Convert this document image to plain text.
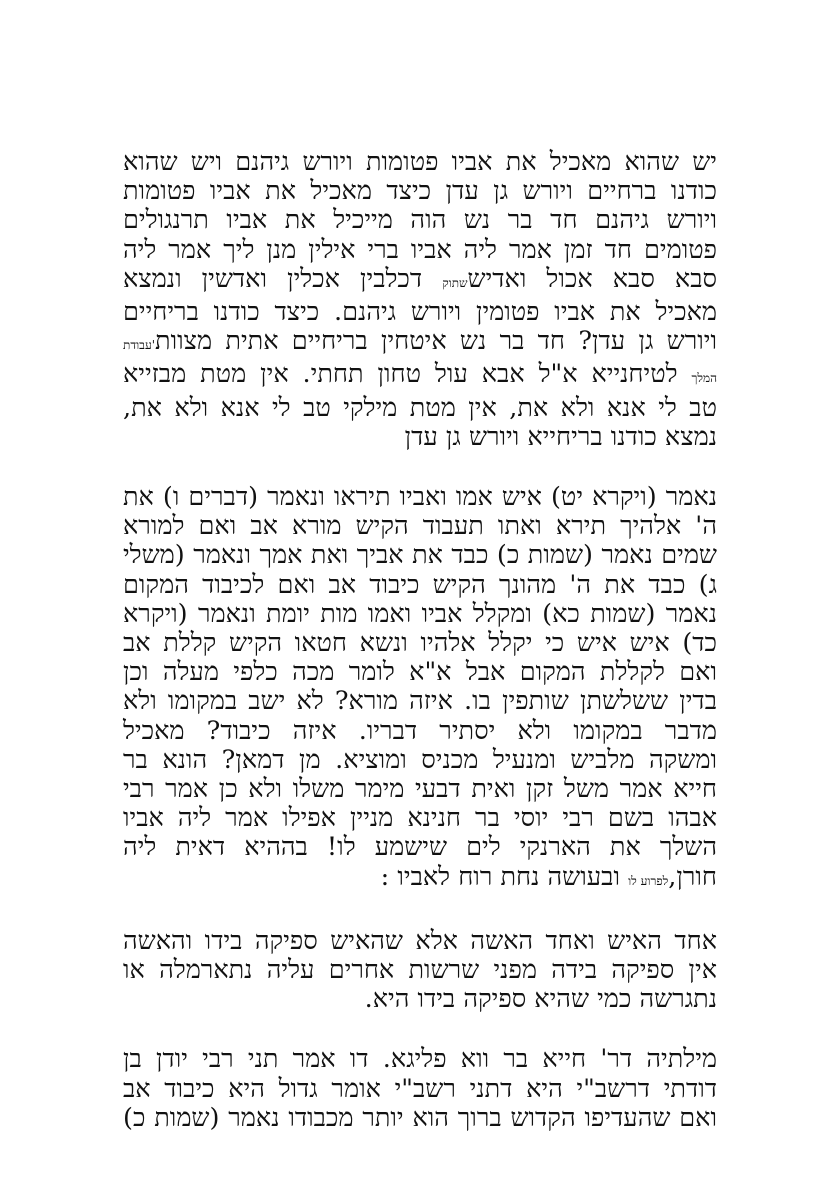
יש שהוא מאכיל את אביו פטומות ויורש גיהנם ויש שהוא
כודנו ברחיים ויורש גן עדן כיצד מאכיל את אביו פטומות
ויורש גיהנם חד בר נש הוה מייכיל את אביו תרנגולים
פטומים חד זמן אמר ליה אביו ברי אילין מנן ליך אמר ליה
סבא סבא אכול ואדיששתוק דכלבין אכלין ואדשין ונמצא
מאכיל את אביו פטומין ויורש גיהנם. כיצד כודנו בריחיים
ויורש גן עדן? חד בר נש איטחין בריחיים אתית מצוות'עבודת
המלך לטיחנייא א"ל אבא עול טחון תחתי. אין מטת מבזייא
טב לי אנא ולא את, אין מטת מילקי טב לי אנא ולא את,
נמצא כודנו בריחייא ויורש גן עדן
נאמר (ויקרא יט) איש אמו ואביו תיראו ונאמר (דברים ו) את
ה' אלהיך תירא ואתו תעבוד הקיש מורא אב ואם למורא
שמים נאמר (שמות כ) כבד את אביך ואת אמך ונאמר (משלי
ג) כבד את ה' מהונך הקיש כיבוד אב ואם לכיבוד המקום
נאמר (שמות כא) ומקלל אביו ואמו מות יומת ונאמר (ויקרא
כד) איש איש כי יקלל אלהיו ונשא חטאו הקיש קללת אב
ואם לקללת המקום אבל א"א לומר מכה כלפי מעלה וכן
בדין ששלשתן שותפין בו. איזה מורא? לא ישב במקומו ולא
מדבר במקומו ולא יסתיר דבריו. איזה כיבוד? מאכיל
ומשקה מלביש ומנעיל מכניס ומוציא. מן דמאן? הונא בר
חייא אמר משל זקן ואית דבעי מימר משלו ולא כן אמר רבי
אבהו בשם רבי יוסי בר חנינא מניין אפילו אמר ליה אביו
השלך את הארנקי לים שישמע לו! בההיא דאית ליה
חורן,לפרוע לו ובעושה נחת רוח לאביו :
אחד האיש ואחד האשה אלא שהאיש ספיקה בידו והאשה
אין ספיקה בידה מפני שרשות אחרים עליה נתארמלה או
נתגרשה כמי שהיא ספיקה בידו היא.
מילתיה דר' חייא בר ווא פליגא. דו אמר תני רבי יודן בן
דודתי דרשב"י היא דתני רשב"י אומר גדול היא כיבוד אב
ואם שהעדיפו הקדוש ברוך הוא יותר מכבודו נאמר (שמות כ)
